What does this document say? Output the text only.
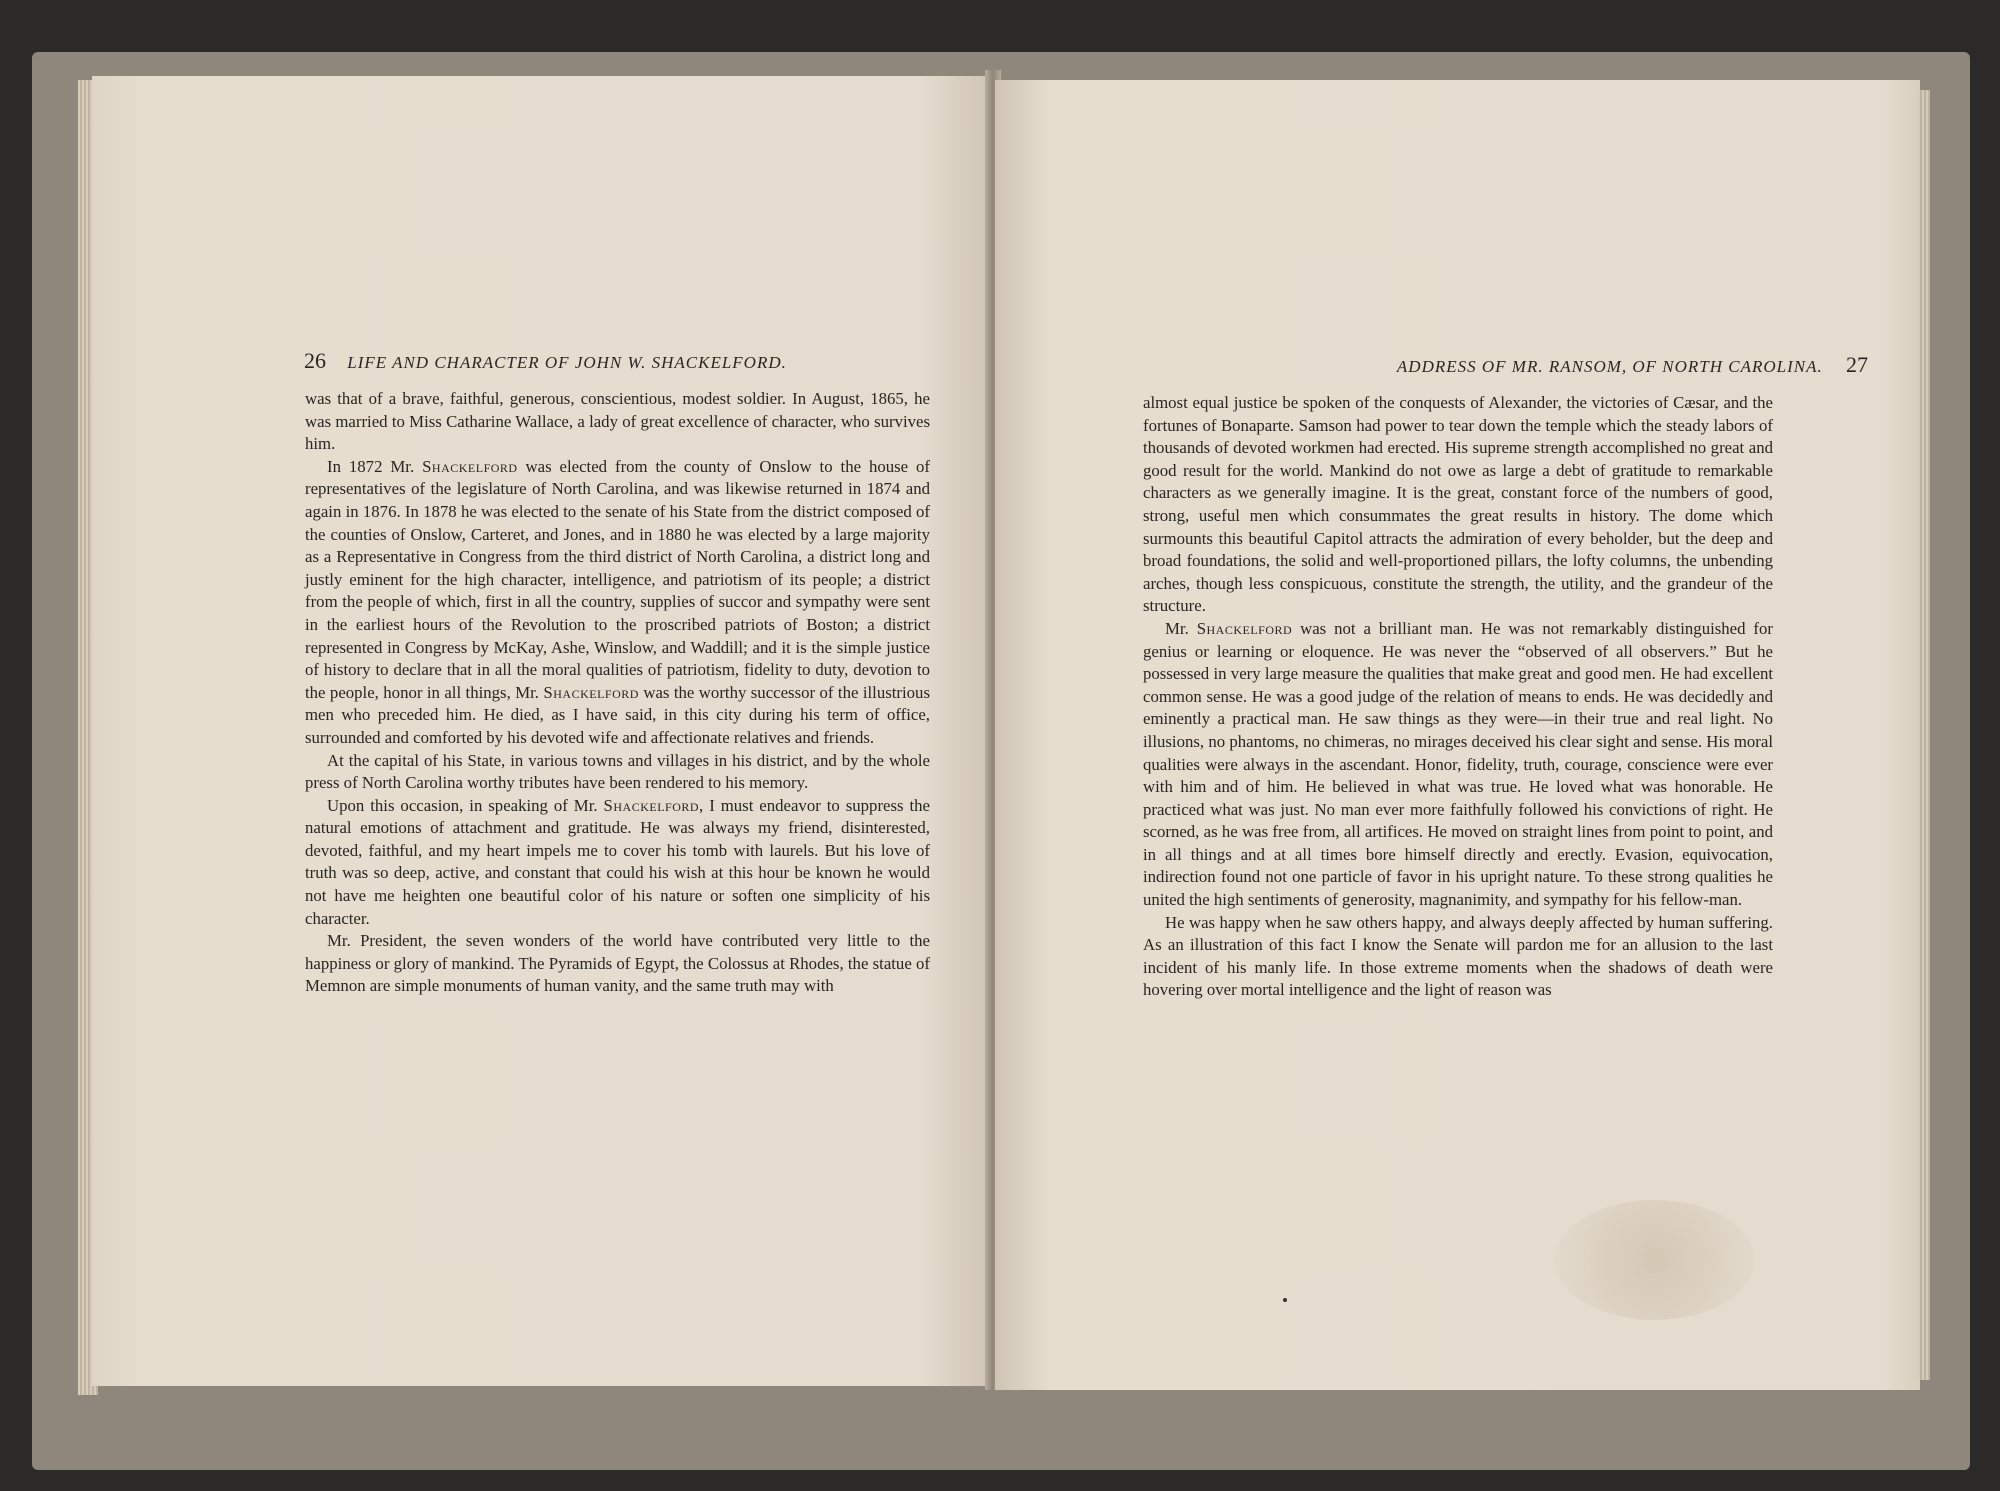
26 LIFE AND CHARACTER OF JOHN W. SHACKELFORD.

was that of a brave, faithful, generous, conscientious, modest soldier. In August, 1865, he was married to Miss Catharine Wallace, a lady of great excellence of character, who survives him.

In 1872 Mr. Shackelford was elected from the county of Onslow to the house of representatives of the legislature of North Carolina, and was likewise returned in 1874 and again in 1876. In 1878 he was elected to the senate of his State from the district composed of the counties of Onslow, Carteret, and Jones, and in 1880 he was elected by a large majority as a Representative in Congress from the third district of North Carolina, a district long and justly eminent for the high character, intelligence, and patriotism of its people; a district from the people of which, first in all the country, supplies of succor and sympathy were sent in the earliest hours of the Revolution to the proscribed patriots of Boston; a district represented in Congress by McKay, Ashe, Winslow, and Waddill; and it is the simple justice of history to declare that in all the moral qualities of patriotism, fidelity to duty, devotion to the people, honor in all things, Mr. Shackelford was the worthy successor of the illustrious men who preceded him. He died, as I have said, in this city during his term of office, surrounded and comforted by his devoted wife and affectionate relatives and friends.

At the capital of his State, in various towns and villages in his district, and by the whole press of North Carolina worthy tributes have been rendered to his memory.

Upon this occasion, in speaking of Mr. Shackelford, I must endeavor to suppress the natural emotions of attachment and gratitude. He was always my friend, disinterested, devoted, faithful, and my heart impels me to cover his tomb with laurels. But his love of truth was so deep, active, and constant that could his wish at this hour be known he would not have me heighten one beautiful color of his nature or soften one simplicity of his character.

Mr. President, the seven wonders of the world have contributed very little to the happiness or glory of mankind. The Pyramids of Egypt, the Colossus at Rhodes, the statue of Memnon are simple monuments of human vanity, and the same truth may with

ADDRESS OF MR. RANSOM, OF NORTH CAROLINA. 27

almost equal justice be spoken of the conquests of Alexander, the victories of Cæsar, and the fortunes of Bonaparte. Samson had power to tear down the temple which the steady labors of thousands of devoted workmen had erected. His supreme strength accomplished no great and good result for the world. Mankind do not owe as large a debt of gratitude to remarkable characters as we generally imagine. It is the great, constant force of the numbers of good, strong, useful men which consummates the great results in history. The dome which surmounts this beautiful Capitol attracts the admiration of every beholder, but the deep and broad foundations, the solid and well-proportioned pillars, the lofty columns, the unbending arches, though less conspicuous, constitute the strength, the utility, and the grandeur of the structure.

Mr. Shackelford was not a brilliant man. He was not remarkably distinguished for genius or learning or eloquence. He was never the “observed of all observers.” But he possessed in very large measure the qualities that make great and good men. He had excellent common sense. He was a good judge of the relation of means to ends. He was decidedly and eminently a practical man. He saw things as they were—in their true and real light. No illusions, no phantoms, no chimeras, no mirages deceived his clear sight and sense. His moral qualities were always in the ascendant. Honor, fidelity, truth, courage, conscience were ever with him and of him. He believed in what was true. He loved what was honorable. He practiced what was just. No man ever more faithfully followed his convictions of right. He scorned, as he was free from, all artifices. He moved on straight lines from point to point, and in all things and at all times bore himself directly and erectly. Evasion, equivocation, indirection found not one particle of favor in his upright nature. To these strong qualities he united the high sentiments of generosity, magnanimity, and sympathy for his fellow-man.

He was happy when he saw others happy, and always deeply affected by human suffering. As an illustration of this fact I know the Senate will pardon me for an allusion to the last incident of his manly life. In those extreme moments when the shadows of death were hovering over mortal intelligence and the light of reason was
